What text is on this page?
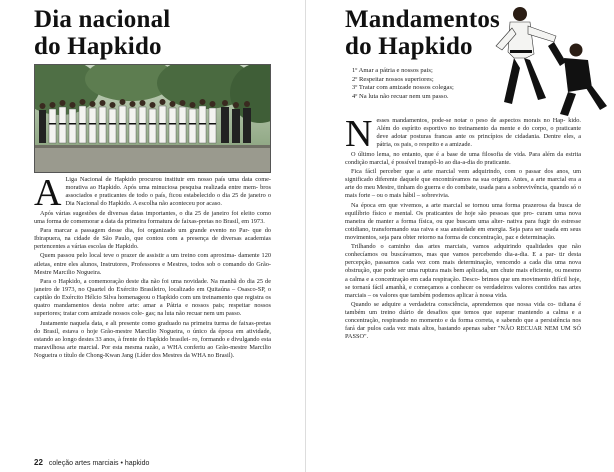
Dia nacional
do Hapkido

A Liga Nacional de Hapkido procurou instituir em nosso país uma data come- morativa ao Hapkido. Após uma minuciosa pesquisa realizada entre mem- bros associados e praticantes de todo o país, ficou estabelecido o dia 25 de janeiro o Dia Nacional do Hapkido. A escolha não aconteceu por acaso.

Após várias sugestões de diversas datas importantes, o dia 25 de janeiro foi eleito como uma forma de comemorar a data da primeira formatura de faixas-pretas no Brasil, em 1973.

Para marcar a passagem desse dia, foi organizado um grande evento no Par- que do Ibirapuera, na cidade de São Paulo, que contou com a presença de diversas academias pertencentes a várias escolas de Hapkido.

Quem passou pelo local teve o prazer de assistir a um treino com aproxima- damente 120 atletas, entre eles alunos, Instrutores, Professores e Mestres, todos sob o comando do Grão-Mestre Marcilio Nogueira.

Para o Hapkido, a comemoração deste dia não foi uma novidade. Na manhã do dia 25 de janeiro de 1973, no Quartel do Exército Brasileiro, localizado em Quitaúna – Osasco-SP, o capitão do Exército Hélcio Silva homenageou o Hapkido com um treinamento que registra os quatro mandamentos desta nobre arte: amar a Pátria e nossos pais; respeitar nossos superiores; tratar com amizade nossos cole- gas; na luta não recuar nem um passo.

Justamente naquela data, e ali presente como graduado na primeira turma de faixas-pretas do Brasil, estava o hoje Grão-mestre Marcilio Nogueira, o único da época em atividade, estando ao longo destes 33 anos, à frente do Hapkido brasilei- ro, formando e divulgando esta maravilhosa arte marcial. Por esta mesma razão, a WHA conferiu ao Grão-mestre Marcilio Nogueira o título de Chong-Kwan Jang (Líder dos Mestres da WHA no Brasil).

22 coleção artes marciais • hapkido
Mandamentos
do Hapkido
1º Amar a pátria e nossos pais;
2º Respeitar nossos superiores;
3º Tratar com amizade nossos colegas;
4º Na luta não recuar nem um passo.

Nesses mandamentos, pode-se notar o peso de aspectos morais no Hap- kido. Além do espírito esportivo no treinamento da mente e do corpo, o praticante deve adotar posturas francas ante os princípios de cidadania. Dentre eles, a pátria, os pais, o respeito e a amizade.

O último lema, no entanto, que é a base de uma filosofia de vida. Para além da estrita condição marcial, é possível transpô-lo ao dia-a-dia do praticante.

Fica fácil perceber que a arte marcial vem adquirindo, com o passar dos anos, um significado diferente daquele que encontrávamos na sua origem. Antes, a arte marcial era a arte do meu Mestre, tinham do guerra e do combate, usada para a sobrevivência, quando só o mais forte – ou o mais hábil – sobrevivia.

Na época em que vivemos, a arte marcial se tornou uma forma prazerosa da busca de equilíbrio físico e mental. Os praticantes de hoje são pessoas que pro- curam uma nova maneira de manter a forma física, ou que buscam uma alter- nativa para fugir do estresse cotidiano, transformando sua raiva e sua ansiedade em energia. Seja para ser usada em seus movimentos, seja para obter retorno na forma de concentração, paz e determinação.

Trilhando o caminho das artes marciais, vamos adquirindo qualidades que não conhecíamos ou buscávamos, mas que vamos percebendo dia-a-dia. E a par- tir desta percepção, passamos cada vez com mais determinação, vencendo a cada dia uma nova obstrução, que pode ser uma ruptura mais bem aplicada, um chute mais eficiente, ou mesmo a calma e a concentração em cada respiração. Desco- brimos que um movimento difícil hoje, se tornará fácil amanhã, e começamos a conhecer os verdadeiros valores contidos nas artes marciais – os valores que também podemos aplicar à nossa vida.

Quando se adquire a verdadeira consciência, aprendemos que nossa vida co- tidiana é também um treino diário de desafios que temos que superar mantendo a calma e a concentração, respirando no momento e da forma correta, e sabendo que a persistência nos fará dar pulos cada vez mais altos, bastando apenas saber "NÃO RECUAR NEM UM SÓ PASSO".
